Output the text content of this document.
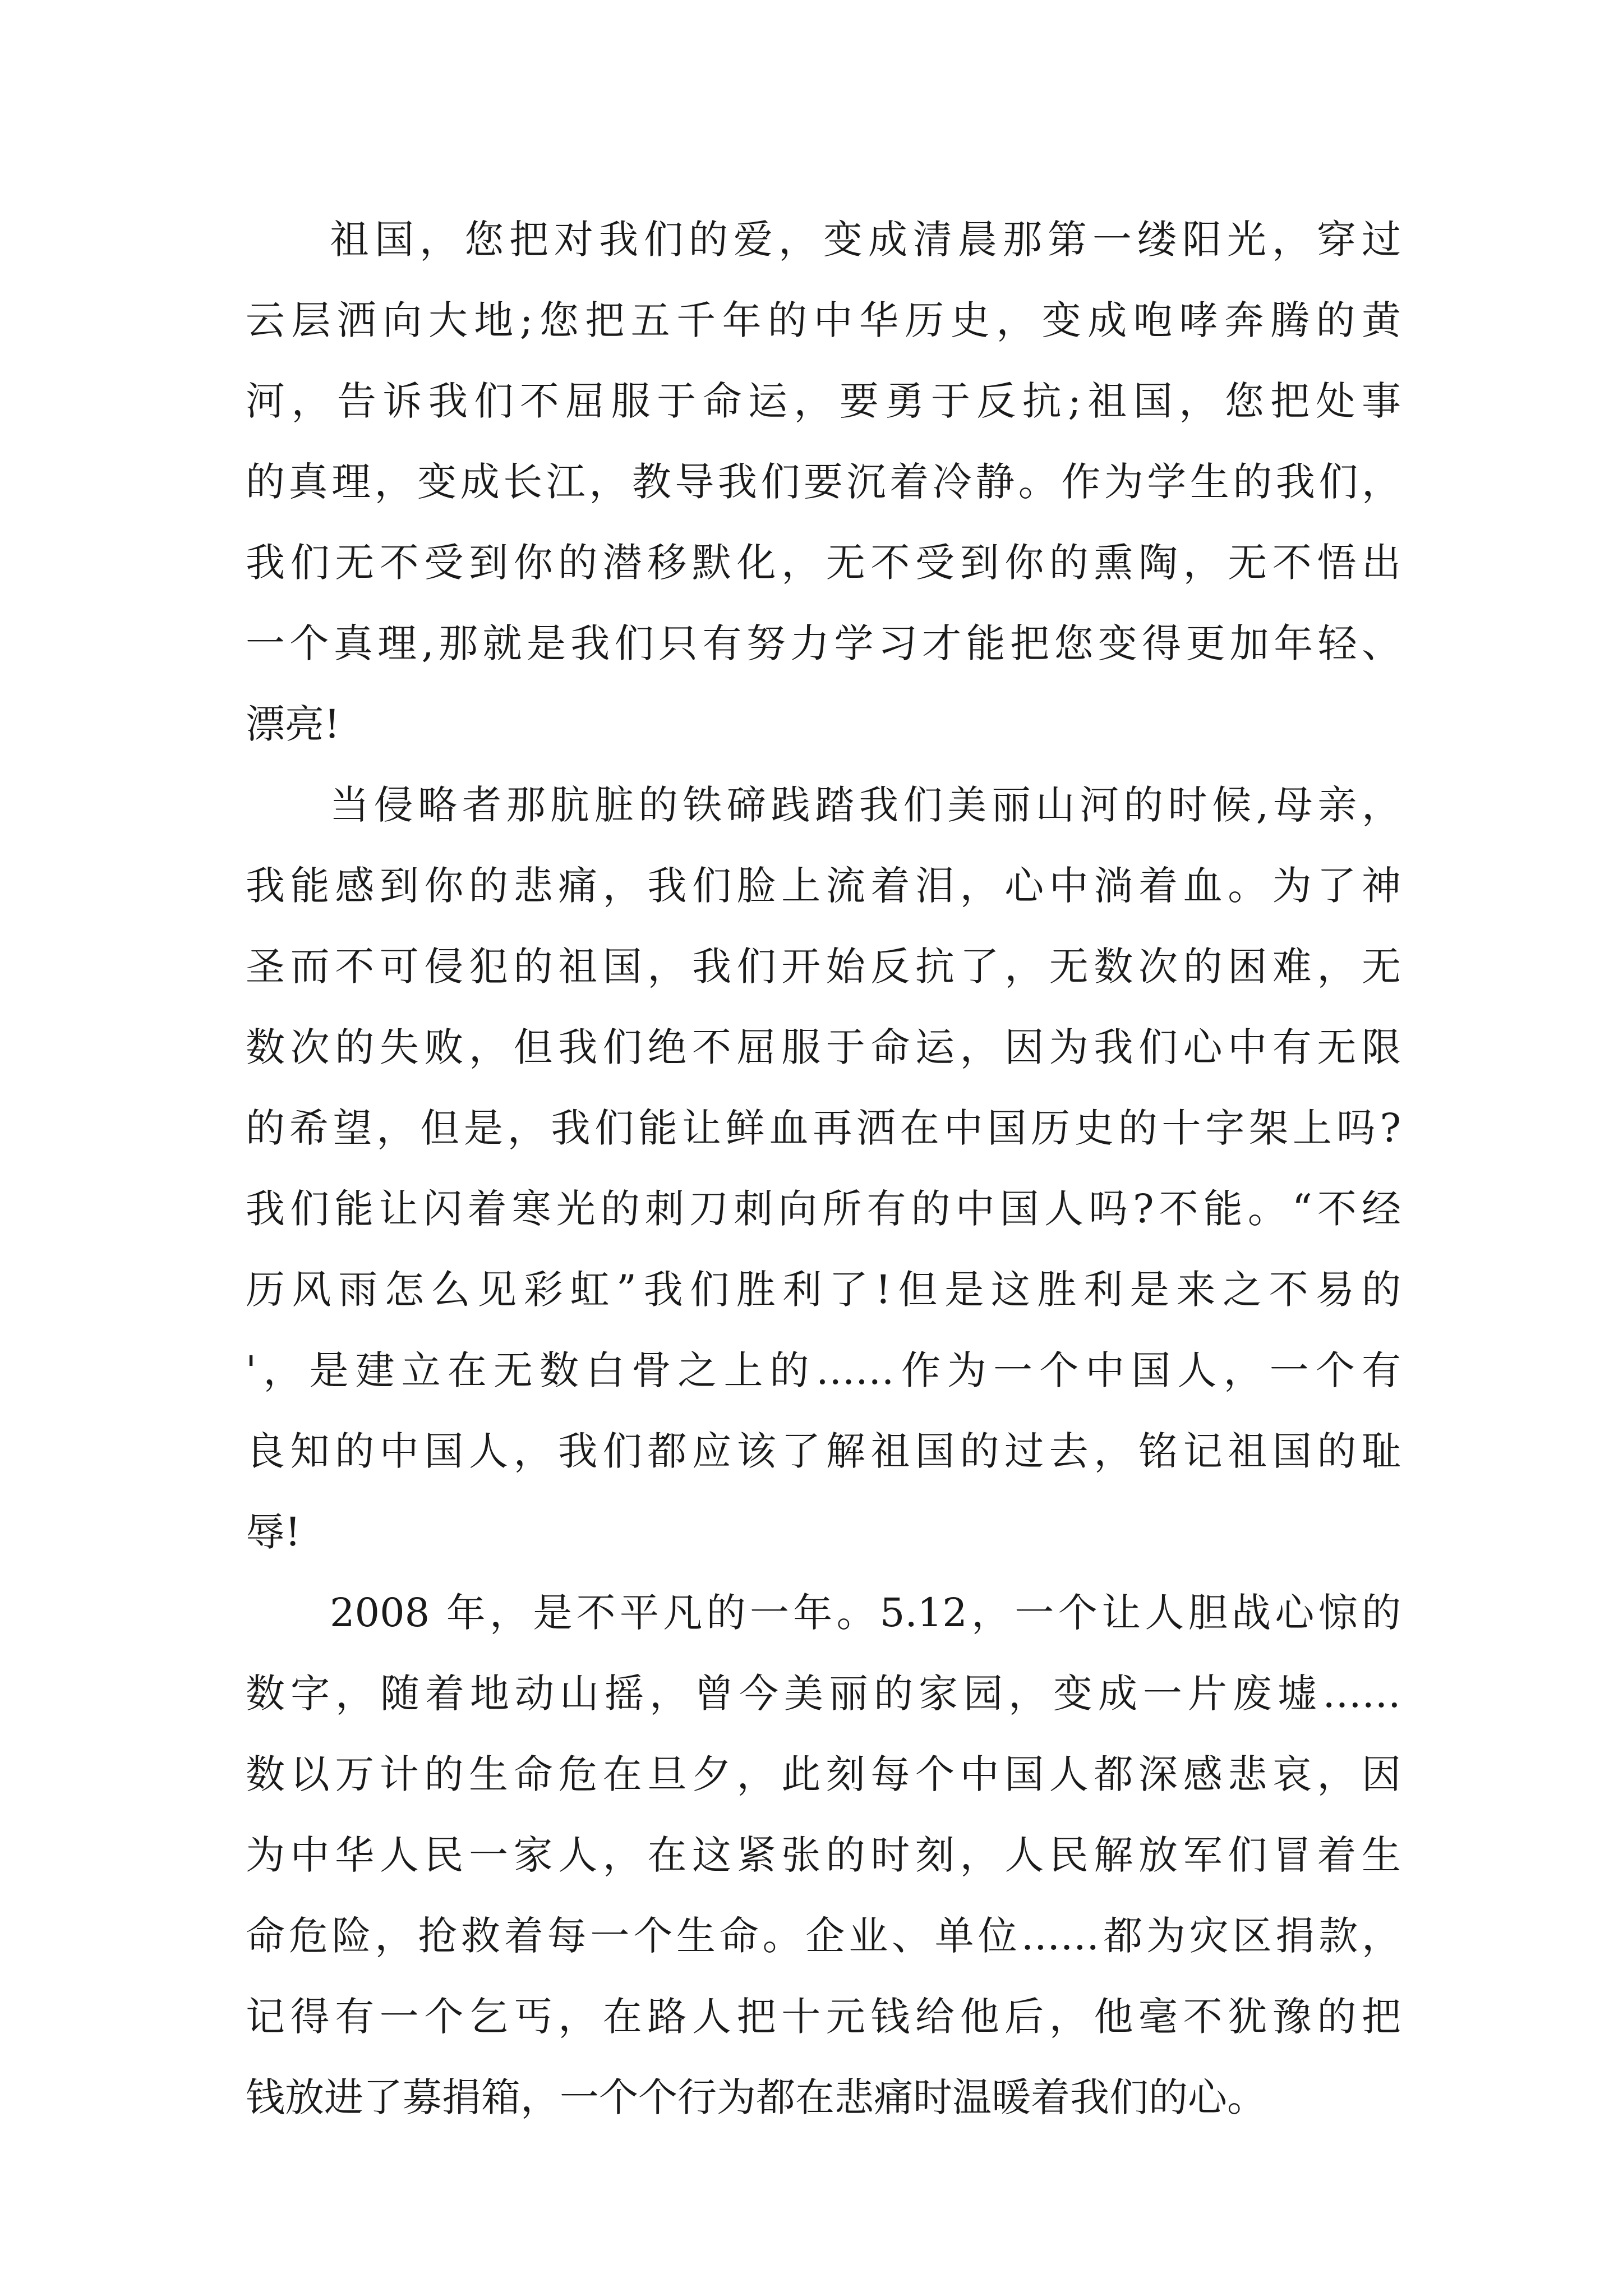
祖国，您把对我们的爱，变成清晨那第一缕阳光，穿过
云层洒向大地;您把五千年的中华历史，变成咆哮奔腾的黄
河，告诉我们不屈服于命运，要勇于反抗;祖国，您把处事
的真理，变成长江，教导我们要沉着冷静。作为学生的我们，
我们无不受到你的潜移默化，无不受到你的熏陶，无不悟出
一个真理,那就是我们只有努力学习才能把您变得更加年轻、
漂亮!
当侵略者那肮脏的铁碲践踏我们美丽山河的时候,母亲，
我能感到你的悲痛，我们脸上流着泪，心中淌着血。为了神
圣而不可侵犯的祖国，我们开始反抗了，无数次的困难，无
数次的失败，但我们绝不屈服于命运，因为我们心中有无限
的希望，但是，我们能让鲜血再洒在中国历史的十字架上吗?
我们能让闪着寒光的刺刀刺向所有的中国人吗?不能。“不经
历风雨怎么见彩虹”我们胜利了!但是这胜利是来之不易的
'，是建立在无数白骨之上的……作为一个中国人，一个有
良知的中国人，我们都应该了解祖国的过去，铭记祖国的耻
辱!
2008 年，是不平凡的一年。5.12，一个让人胆战心惊的
数字，随着地动山摇，曾今美丽的家园，变成一片废墟……
数以万计的生命危在旦夕，此刻每个中国人都深感悲哀，因
为中华人民一家人，在这紧张的时刻，人民解放军们冒着生
命危险，抢救着每一个生命。企业、单位……都为灾区捐款，
记得有一个乞丐，在路人把十元钱给他后，他毫不犹豫的把
钱放进了募捐箱，一个个行为都在悲痛时温暖着我们的心。
